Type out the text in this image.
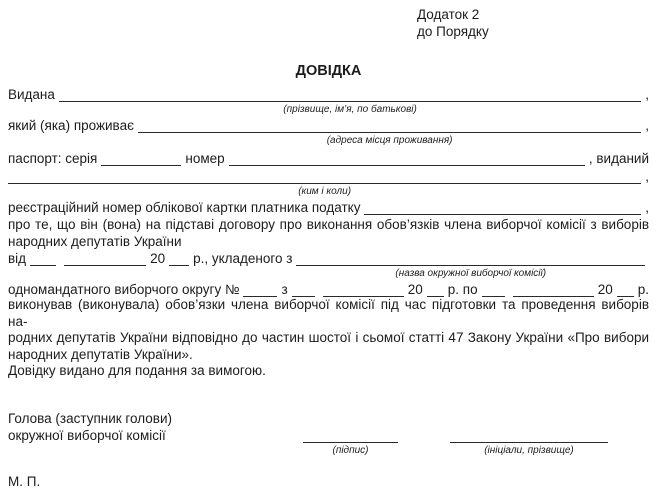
Додаток 2
до Порядку
ДОВІДКА
Видана
(прізвище, ім’я, по батькові)
,
який (яка) проживає
(адреса місця проживання)
,
паспорт: серія	номер	, виданий
(ким і коли)
,
реєстраційний номер облікової картки платника податку	,
про те, що він (вона) на підставі договору про виконання обов’язків члена виборчої комісії з виборів
народних депутатів України
від	20 р., укладеного з
(назва окружної виборчої комісії)
одномандатного виборчого округу №	з	20 р. по	20 р.
виконував (виконувала) обов’язки члена виборчої комісії під час підготовки та проведення виборів на-
родних депутатів України відповідно до частин шостої і сьомої статті 47 Закону України «Про вибори
народних депутатів України».
Довідку видано для подання за вимогою.
Голова (заступник голови)
окружної виборчої комісії
(підпис)	(ініціали, прізвище)
М. П.
